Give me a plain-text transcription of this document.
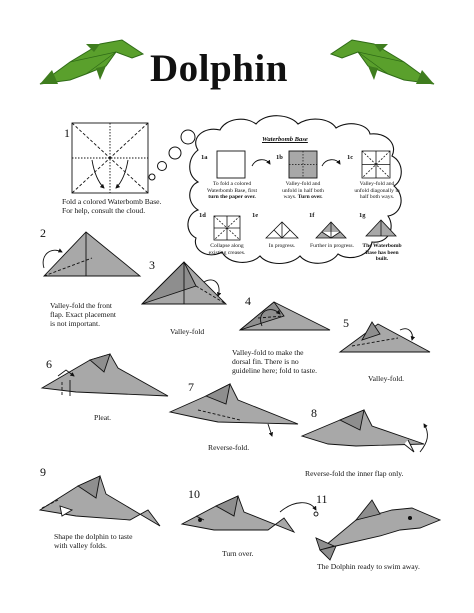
Dolphin
1
Fold a colored Waterbomb Base.
For help, consult the cloud.
Waterbomb Base
1a	1b	1c
1d	1e	1f	1g
To fold a colored Waterbomb Base, first turn the paper over.
Valley-fold and unfold in half both ways. Turn over.
Valley-fold and unfold diagonally in half both ways.
Collapse along existing creases.
In progress.	Further in progress.	The Waterbomb Base has been built.
2
Valley-fold the front
flap. Exact placement
is not important.
3
Valley-fold
4
Valley-fold to make the
dorsal fin. There is no
guideline here; fold to taste.
5
Valley-fold.
6
Pleat.
7
Reverse-fold.
8
Reverse-fold the inner flap only.
9
Shape the dolphin to taste
with valley folds.
10
Turn over.
11
The Dolphin ready to swim away.
